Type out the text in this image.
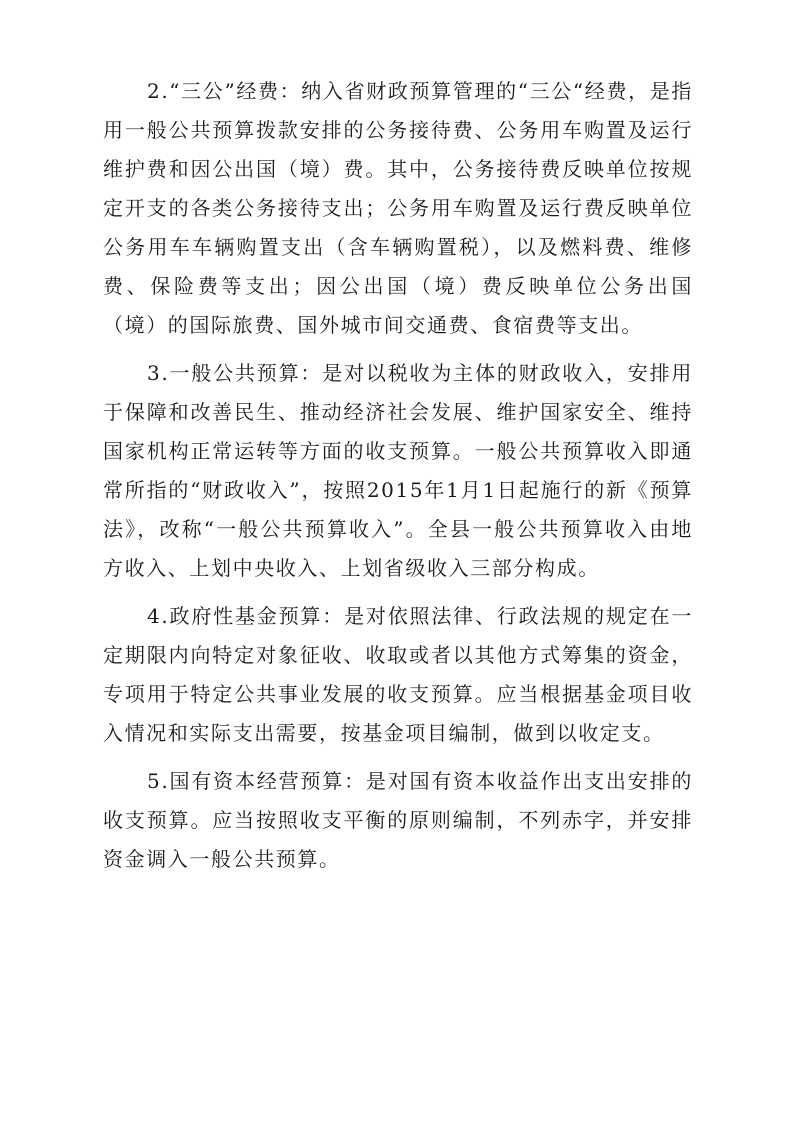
2.“三公”经费：纳入省财政预算管理的“三公“经费，是指用一般公共预算拨款安排的公务接待费、公务用车购置及运行维护费和因公出国（境）费。其中，公务接待费反映单位按规定开支的各类公务接待支出；公务用车购置及运行费反映单位公务用车车辆购置支出（含车辆购置税），以及燃料费、维修费、保险费等支出；因公出国（境）费反映单位公务出国（境）的国际旅费、国外城市间交通费、食宿费等支出。

3.一般公共预算：是对以税收为主体的财政收入，安排用于保障和改善民生、推动经济社会发展、维护国家安全、维持国家机构正常运转等方面的收支预算。一般公共预算收入即通常所指的“财政收入”，按照2015年1月1日起施行的新《预算法》，改称“一般公共预算收入”。全县一般公共预算收入由地方收入、上划中央收入、上划省级收入三部分构成。

4.政府性基金预算：是对依照法律、行政法规的规定在一定期限内向特定对象征收、收取或者以其他方式筹集的资金，专项用于特定公共事业发展的收支预算。应当根据基金项目收入情况和实际支出需要，按基金项目编制，做到以收定支。

5.国有资本经营预算：是对国有资本收益作出支出安排的收支预算。应当按照收支平衡的原则编制，不列赤字，并安排资金调入一般公共预算。
